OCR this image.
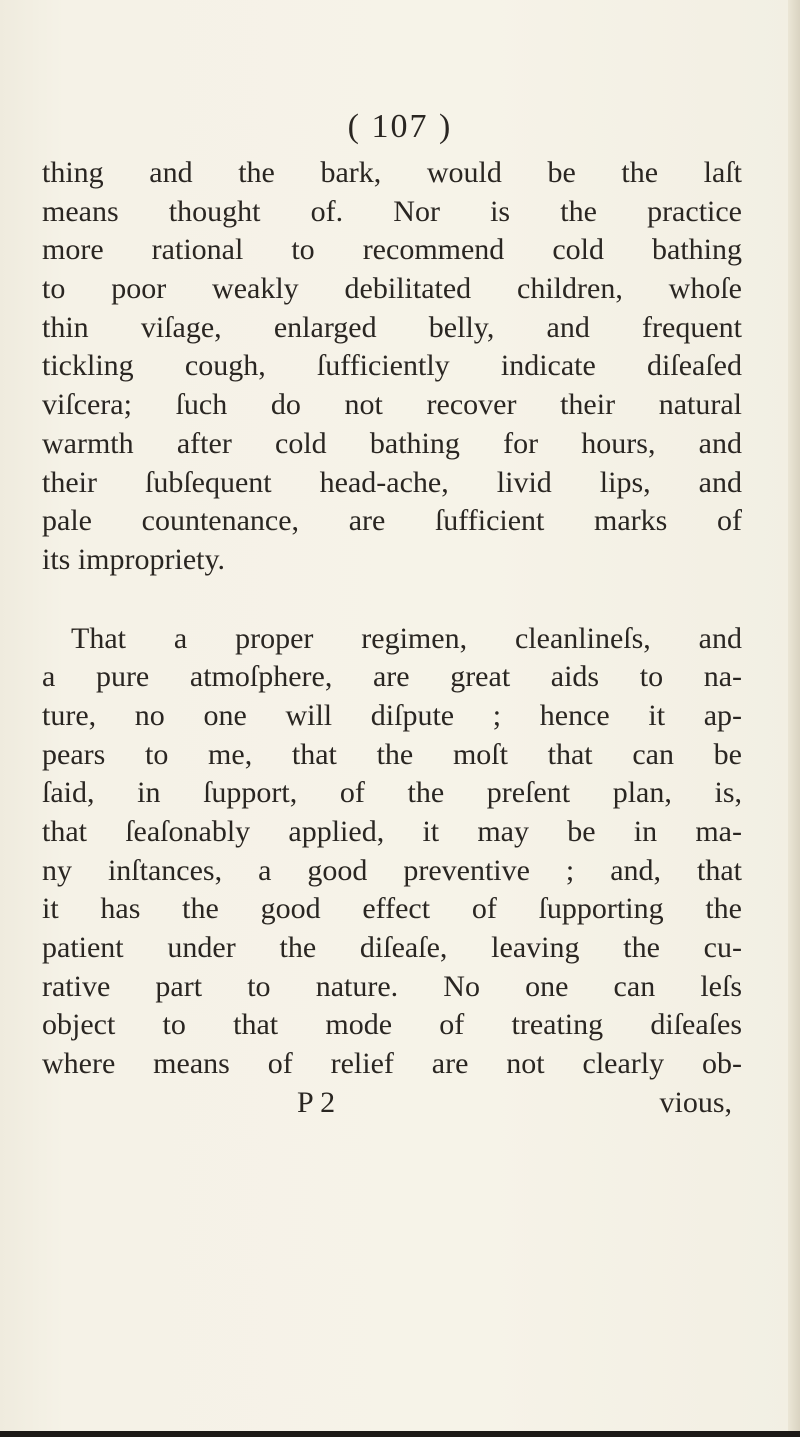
( 107 )
thing and the bark, would be the laſt
means thought of. Nor is the practice
more rational to recommend cold bathing
to poor weakly debilitated children, whoſe
thin viſage, enlarged belly, and frequent
tickling cough, ſufficiently indicate diſeaſed
viſcera; ſuch do not recover their natural
warmth after cold bathing for hours, and
their ſubſequent head-ache, livid lips, and
pale countenance, are ſufficient marks of
its impropriety.
That a proper regimen, cleanlineſs, and
a pure atmoſphere, are great aids to na-
ture, no one will diſpute ; hence it ap-
pears to me, that the moſt that can be
ſaid, in ſupport, of the preſent plan, is,
that ſeaſonably applied, it may be in ma-
ny inſtances, a good preventive ; and, that
it has the good effect of ſupporting the
patient under the diſeaſe, leaving the cu-
rative part to nature. No one can leſs
object to that mode of treating diſeaſes
where means of relief are not clearly ob-
P 2	vious,
